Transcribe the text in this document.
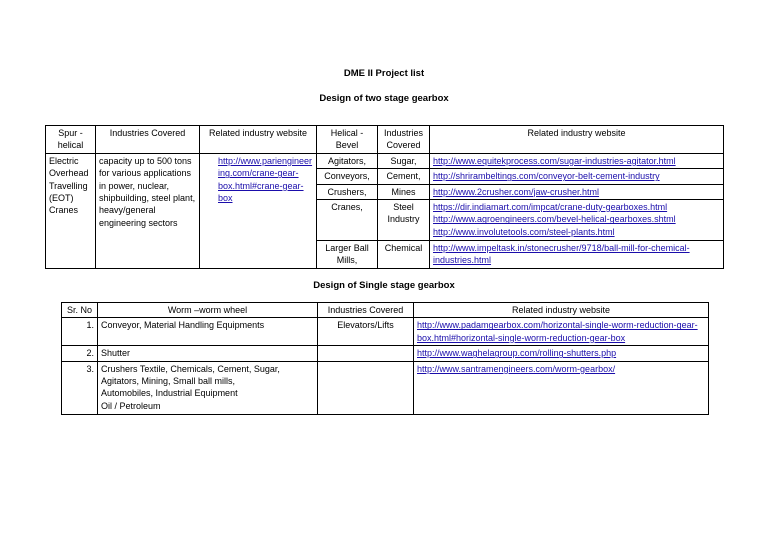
DME II Project list
Design of two stage gearbox
Spur - helical	Industries Covered	Related industry website	Helical - Bevel	Industries Covered	Related industry website
Electric Overhead Travelling (EOT) Cranes	capacity up to 500 tons for various applications in power, nuclear, shipbuilding, steel plant, heavy/general engineering sectors	http://www.pariengineering.com/crane-gear-box.html#crane-gear-box	Agitators,	Sugar,	http://www.equitekprocess.com/sugar-industries-agitator.html

			Conveyors,	Cement,	http://shrirambeltings.com/conveyor-belt-cement-industry

			Crushers,	Mines	http://www.2crusher.com/jaw-crusher.html

			Cranes,	Steel Industry	https://dir.indiamart.com/impcat/crane-duty-gearboxes.html
http://www.agroengineers.com/bevel-helical-gearboxes.shtml
http://www.involutetools.com/steel-plants.html

			Larger Ball Mills,	Chemical	http://www.impeltask.in/stonecrusher/9718/ball-mill-for-chemical-industries.html
Design of Single stage gearbox
Sr. No	Worm –worm wheel	Industries Covered	Related industry website
1.	Conveyor, Material Handling Equipments	Elevators/Lifts	http://www.padamgearbox.com/horizontal-single-worm-reduction-gear-box.html#horizontal-single-worm-reduction-gear-box
2.	Shutter		http://www.waghelagroup.com/rolling-shutters.php

3.	Crushers Textile, Chemicals, Cement, Sugar,
Agitators, Mining, Small ball mills,
Automobiles, Industrial Equipment
Oil / Petroleum		http://www.santramengineers.com/worm-gearbox/
